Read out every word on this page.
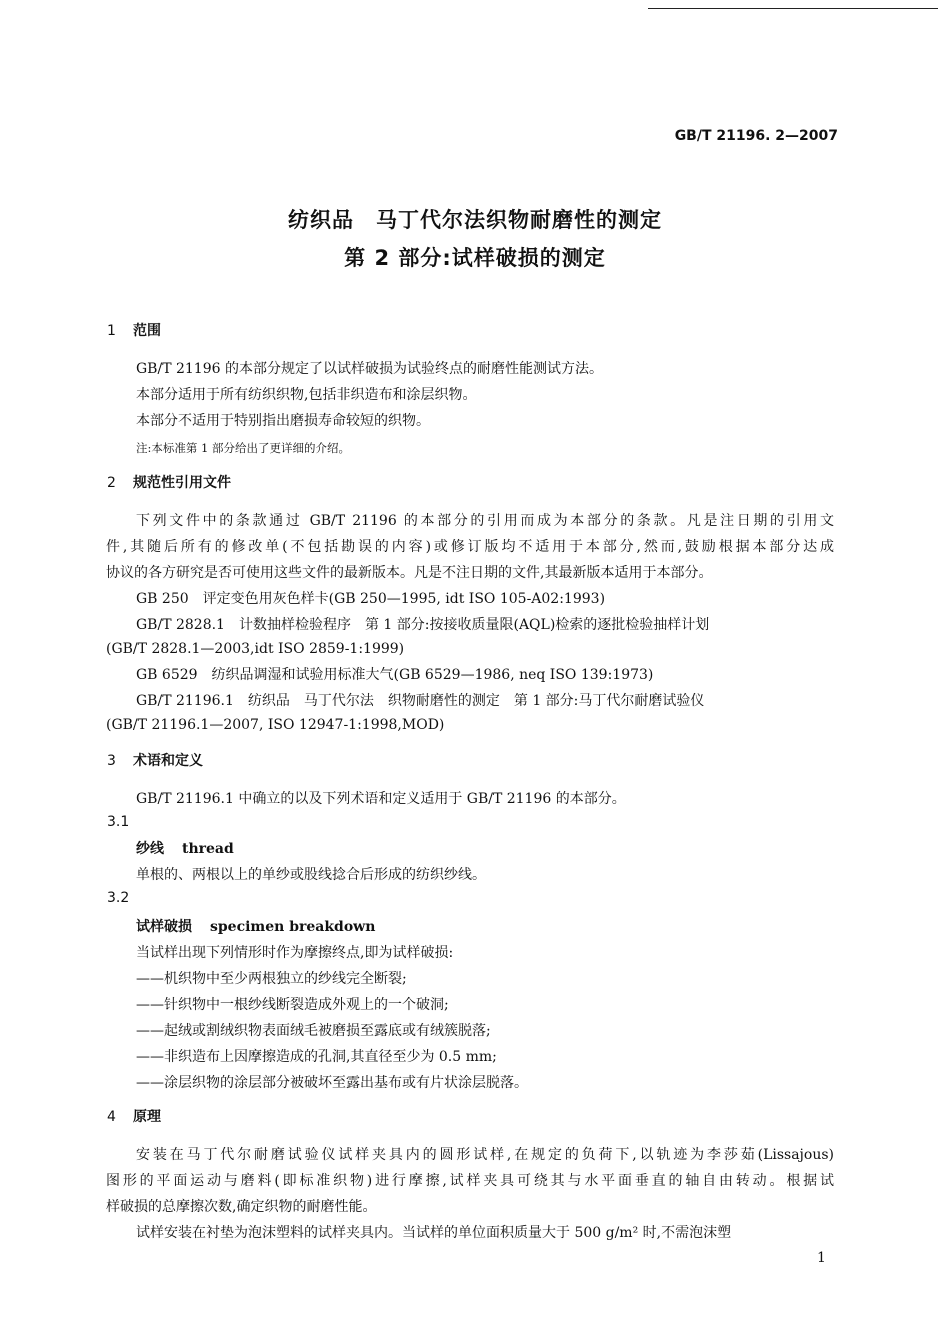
GB/T 21196. 2—2007
纺织品　马丁代尔法织物耐磨性的测定
第 2 部分:试样破损的测定
1 范围
GB/T 21196 的本部分规定了以试样破损为试验终点的耐磨性能测试方法。
本部分适用于所有纺织织物,包括非织造布和涂层织物。
本部分不适用于特别指出磨损寿命较短的织物。
注:本标准第 1 部分给出了更详细的介绍。
2 规范性引用文件
下列文件中的条款通过 GB/T 21196 的本部分的引用而成为本部分的条款。凡是注日期的引用文
件,其随后所有的修改单(不包括勘误的内容)或修订版均不适用于本部分,然而,鼓励根据本部分达成
协议的各方研究是否可使用这些文件的最新版本。凡是不注日期的文件,其最新版本适用于本部分。
GB 250　评定变色用灰色样卡(GB 250—1995, idt ISO 105-A02:1993)
GB/T 2828.1　计数抽样检验程序　第 1 部分:按接收质量限(AQL)检索的逐批检验抽样计划
(GB/T 2828.1—2003,idt ISO 2859-1:1999)
GB 6529　纺织品调湿和试验用标准大气(GB 6529—1986, neq ISO 139:1973)
GB/T 21196.1　纺织品　马丁代尔法　织物耐磨性的测定　第 1 部分:马丁代尔耐磨试验仪
(GB/T 21196.1—2007, ISO 12947-1:1998,MOD)
3 术语和定义
GB/T 21196.1 中确立的以及下列术语和定义适用于 GB/T 21196 的本部分。
3.1
纱线 thread
单根的、两根以上的单纱或股线捻合后形成的纺织纱线。
3.2
试样破损 specimen breakdown
当试样出现下列情形时作为摩擦终点,即为试样破损:
——机织物中至少两根独立的纱线完全断裂;
——针织物中一根纱线断裂造成外观上的一个破洞;
——起绒或割绒织物表面绒毛被磨损至露底或有绒簇脱落;
——非织造布上因摩擦造成的孔洞,其直径至少为 0.5 mm;
——涂层织物的涂层部分被破坏至露出基布或有片状涂层脱落。
4 原理
安装在马丁代尔耐磨试验仪试样夹具内的圆形试样,在规定的负荷下,以轨迹为李莎茹(Lissajous)
图形的平面运动与磨料(即标准织物)进行摩擦,试样夹具可绕其与水平面垂直的轴自由转动。根据试
样破损的总摩擦次数,确定织物的耐磨性能。
试样安装在衬垫为泡沫塑料的试样夹具内。当试样的单位面积质量大于 500 g/m² 时,不需泡沫塑
1
